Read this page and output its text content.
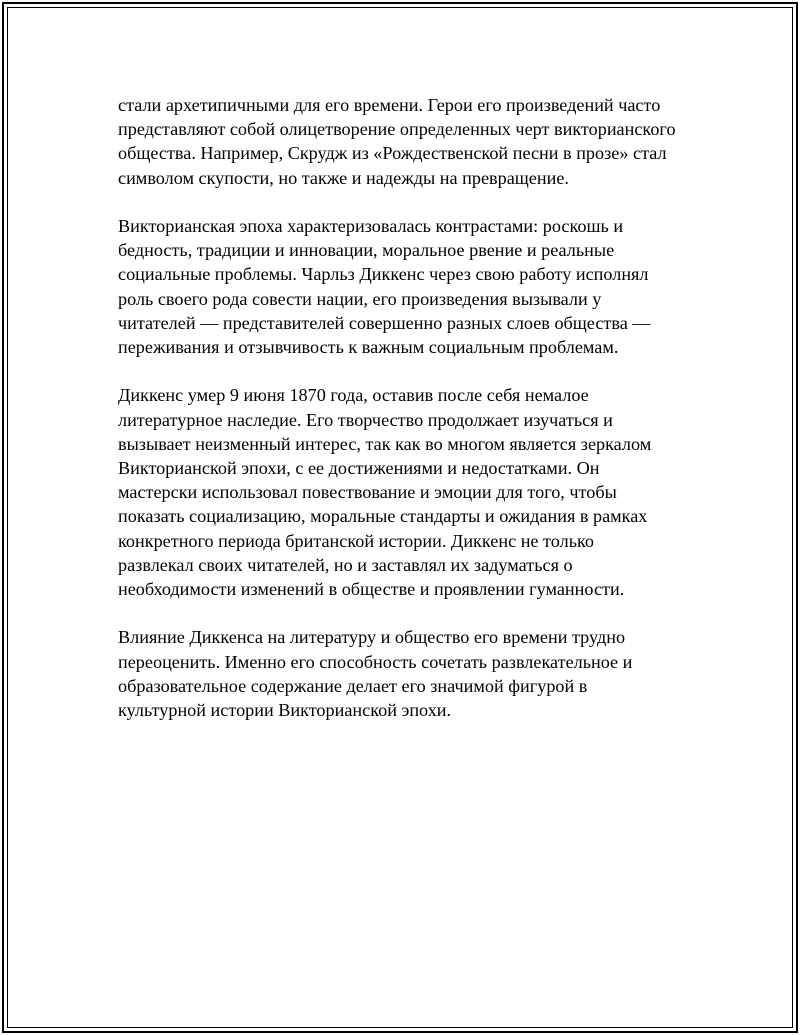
стали архетипичными для его времени. Герои его произведений часто
представляют собой олицетворение определенных черт викторианского
общества. Например, Скрудж из «Рождественской песни в прозе» стал
символом скупости, но также и надежды на превращение.

Викторианская эпоха характеризовалась контрастами: роскошь и
бедность, традиции и инновации, моральное рвение и реальные
социальные проблемы. Чарльз Диккенс через свою работу исполнял
роль своего рода совести нации, его произведения вызывали у
читателей — представителей совершенно разных слоев общества —
переживания и отзывчивость к важным социальным проблемам.

Диккенс умер 9 июня 1870 года, оставив после себя немалое
литературное наследие. Его творчество продолжает изучаться и
вызывает неизменный интерес, так как во многом является зеркалом
Викторианской эпохи, с ее достижениями и недостатками. Он
мастерски использовал повествование и эмоции для того, чтобы
показать социализацию, моральные стандарты и ожидания в рамках
конкретного периода британской истории. Диккенс не только
развлекал своих читателей, но и заставлял их задуматься о
необходимости изменений в обществе и проявлении гуманности.

Влияние Диккенса на литературу и общество его времени трудно
переоценить. Именно его способность сочетать развлекательное и
образовательное содержание делает его значимой фигурой в
культурной истории Викторианской эпохи.
